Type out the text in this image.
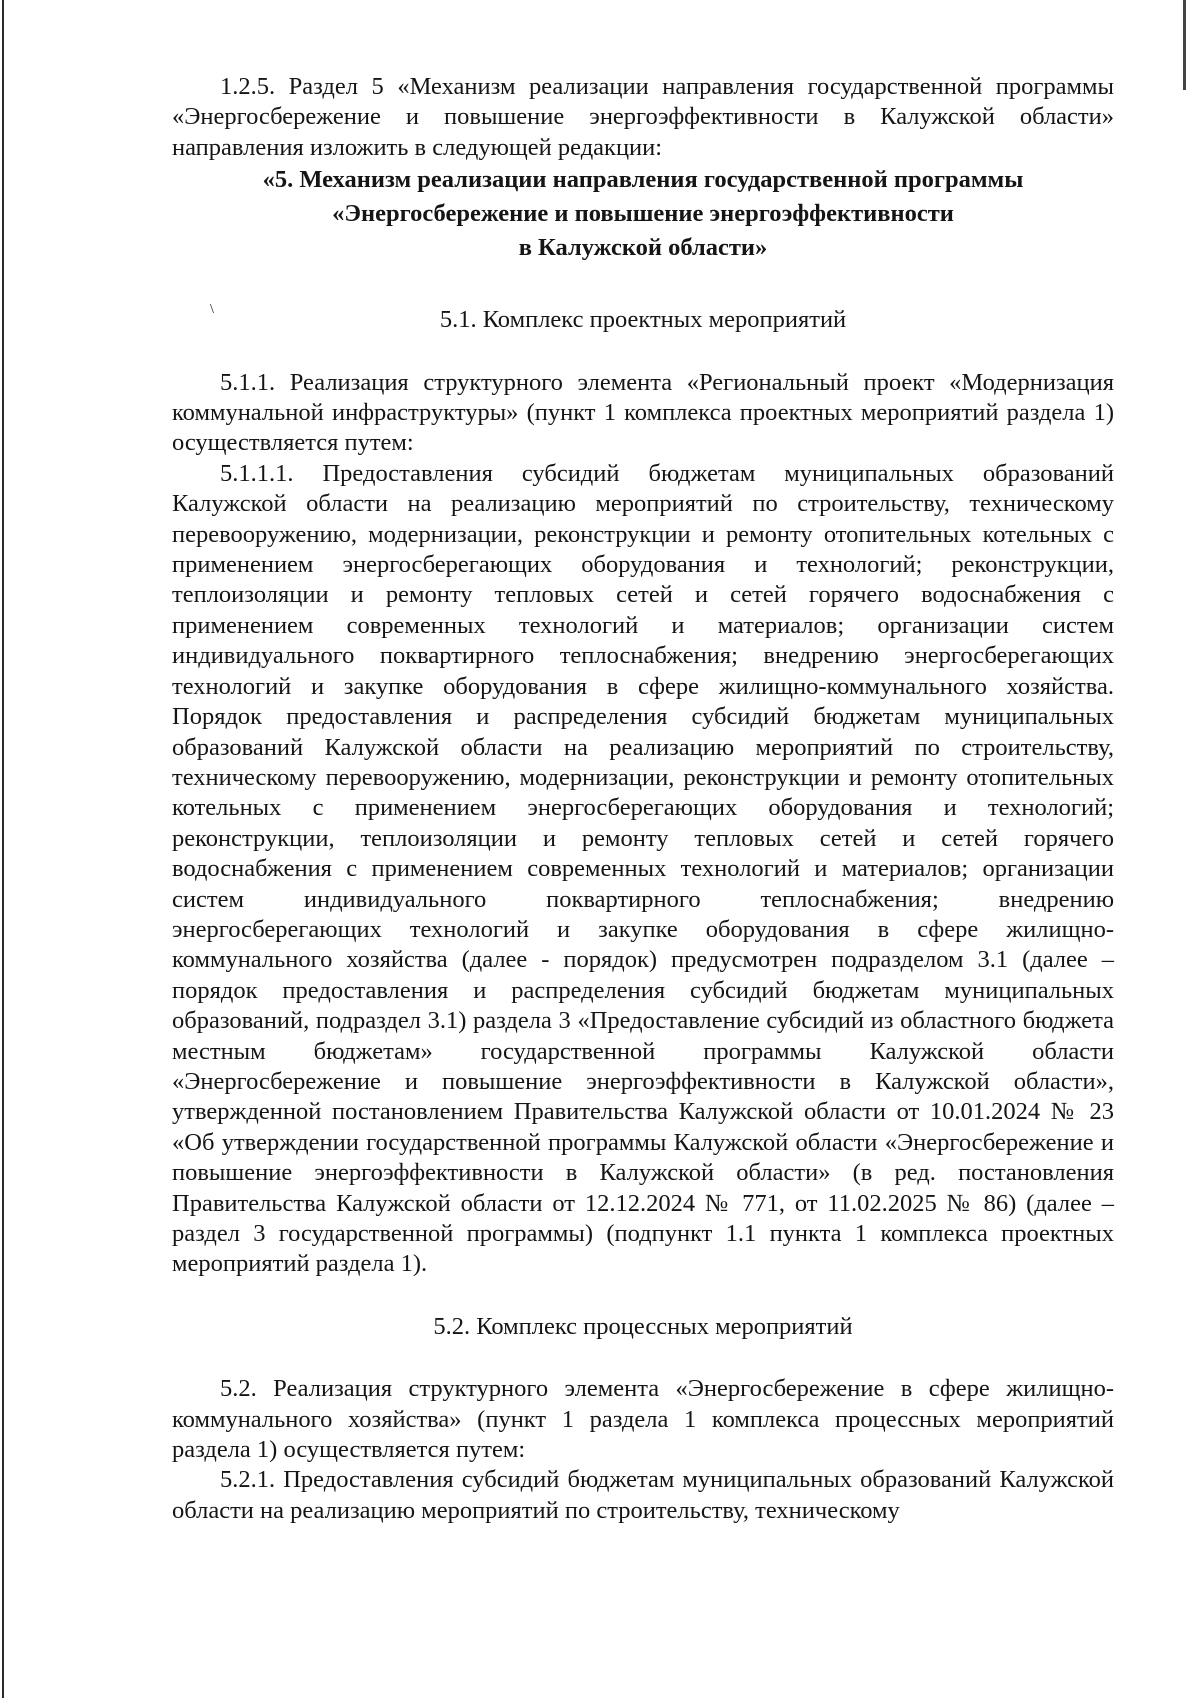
\

1.2.5. Раздел 5 «Механизм реализации направления государственной программы «Энергосбережение и повышение энергоэффективности в Калужской области» направления изложить в следующей редакции:

«5. Механизм реализации направления государственной программы

«Энергосбережение и повышение энергоэффективности

в Калужской области»

5.1. Комплекс проектных мероприятий

5.1.1. Реализация структурного элемента «Региональный проект «Модернизация коммунальной инфраструктуры» (пункт 1 комплекса проектных мероприятий раздела 1) осуществляется путем:

5.1.1.1. Предоставления субсидий бюджетам муниципальных образований Калужской области на реализацию мероприятий по строительству, техническому перевооружению, модернизации, реконструкции и ремонту отопительных котельных с применением энергосберегающих оборудования и технологий; реконструкции, теплоизоляции и ремонту тепловых сетей и сетей горячего водоснабжения с применением современных технологий и материалов; организации систем индивидуального поквартирного теплоснабжения; внедрению энергосберегающих технологий и закупке оборудования в сфере жилищно-коммунального хозяйства. Порядок предоставления и распределения субсидий бюджетам муниципальных образований Калужской области на реализацию мероприятий по строительству, техническому перевооружению, модернизации, реконструкции и ремонту отопительных котельных с применением энергосберегающих оборудования и технологий; реконструкции, теплоизоляции и ремонту тепловых сетей и сетей горячего водоснабжения с применением современных технологий и материалов; организации систем индивидуального поквартирного теплоснабжения; внедрению энергосберегающих технологий и закупке оборудования в сфере жилищно-коммунального хозяйства (далее - порядок) предусмотрен подразделом 3.1 (далее – порядок предоставления и распределения субсидий бюджетам муниципальных образований, подраздел 3.1) раздела 3 «Предоставление субсидий из областного бюджета местным бюджетам» государственной программы Калужской области «Энергосбережение и повышение энергоэффективности в Калужской области», утвержденной постановлением Правительства Калужской области от 10.01.2024 № 23 «Об утверждении государственной программы Калужской области «Энергосбережение и повышение энергоэффективности в Калужской области» (в ред. постановления Правительства Калужской области от 12.12.2024 № 771, от 11.02.2025 № 86) (далее – раздел 3 государственной программы) (подпункт 1.1 пункта 1 комплекса проектных мероприятий раздела 1).

5.2. Комплекс процессных мероприятий

5.2. Реализация структурного элемента «Энергосбережение в сфере жилищно-коммунального хозяйства» (пункт 1 раздела 1 комплекса процессных мероприятий раздела 1) осуществляется путем:

5.2.1. Предоставления субсидий бюджетам муниципальных образований Калужской области на реализацию мероприятий по строительству, техническому
